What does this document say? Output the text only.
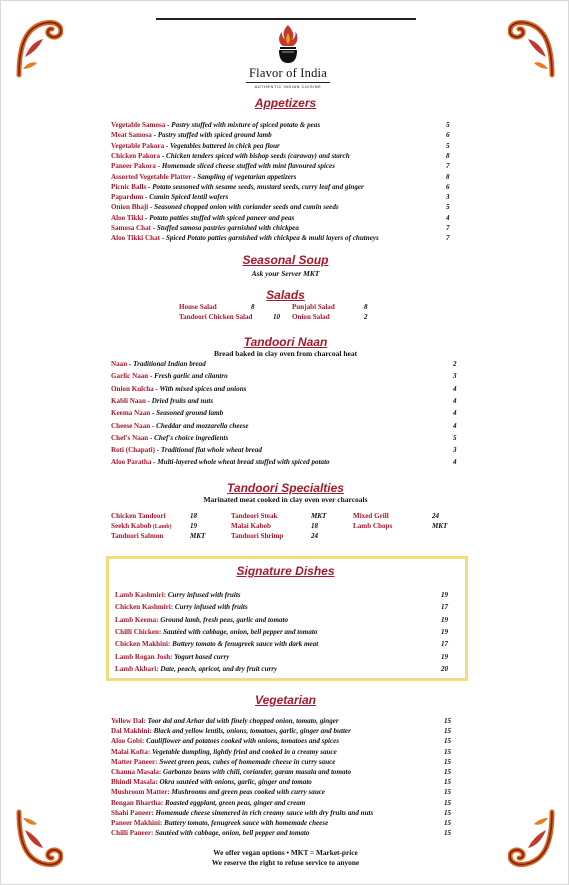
Flavor of India
AUTHENTIC INDIAN CUISINE
Appetizers
Vegetable Samosa - Pastry stuffed with mixture of spiced potato & peas	5
Meat Samosa - Pastry stuffed with spiced ground lamb	6
Vegetable Pakora - Vegetables battered in chick pea flour	5
Chicken Pakora - Chicken tenders spiced with bishop seeds (caraway) and starch	8
Paneer Pakora - Homemade sliced cheese stuffed with mint flavoured spices	7
Assorted Vegetable Platter - Sampling of vegetarian appetizers	8
Picnic Balls - Potato seasoned with sesame seeds, mustard seeds, curry leaf and ginger	6
Papardum - Cumin Spiced lentil wafers	3
Onion Bhaji - Seasoned chopped onion with coriander seeds and cumin seeds	5
Aloo Tikki - Potato patties stuffed with spiced paneer and peas	4
Samosa Chat - Stuffed samosa pastries garnished with chickpea	7
Aloo Tikki Chat - Spiced Potato patties garnished with chickpea & multi layers of chutneys	7
Seasonal Soup
Ask your Server MKT
Salads
House Salad	8	Punjabi Salad	8
Tandoori Chicken Salad	10 Onion Salad	2
Tandoori Naan
Bread baked in clay oven from charcoal heat
Naan - Traditional Indian bread	2
Garlic Naan - Fresh garlic and cilantro	3
Onion Kulcha - With mixed spices and onions	4
Kabli Naan - Dried fruits and nuts	4
Keema Naan - Seasoned ground lamb	4
Cheese Naan - Cheddar and mozzarella cheese	4
Chef's Naan - Chef's choice ingredients	5
Roti (Chapati) - Traditional flat whole wheat bread	3
Aloo Paratha - Multi-layered whole wheat bread stuffed with spiced potato	4
Tandoori Specialties
Marinated meat cooked in clay oven over charcoals
Chicken Tandoori	18	Tandoori Steak	MKT	Mixed Grill	24
Seekh Kabob (Lamb)	19	Malai Kabob	18	Lamb Chops	MKT
Tandoori Salmon	MKT	Tandoori Shrimp	24
Signature Dishes
Lamb Kashmiri: Curry infused with fruits	19
Chicken Kashmiri: Curry infused with fruits	17
Lamb Keema: Ground lamb, fresh peas, garlic and tomato	19
Chilli Chicken: Sautéed with cabbage, onion, bell pepper and tomato	19
Chicken Makhini: Buttery tomato & fenugreek sauce with dark meat	17
Lamb Rogan Josh: Yogurt based curry	19
Lamb Akbari: Date, peach, apricot, and dry fruit curry	20
Vegetarian
Yellow Dal: Toor dal and Arhar dal with finely chopped onion, tomato, ginger	15
Dal Makhini: Black and yellow lentils, onions, tomatoes, garlic, ginger and butter	15
Aloo Gobi: Cauliflower and potatoes cooked with onions, tomatoes and spices	15
Malai Kofta: Vegetable dumpling, lightly fried and cooked in a creamy sauce	15
Matter Paneer: Sweet green peas, cubes of homemade cheese in curry sauce	15
Channa Masala: Garbanzo beans with chili, coriander, garam masala and tomato	15
Bhindi Masala: Okra sautéed with onions, garlic, ginger and tomato	15
Mushroom Matter: Mushrooms and green peas cooked with curry sauce	15
Bengan Bhartha: Roasted eggplant, green peas, ginger and cream	15
Shahi Paneer: Homemade cheese simmered in rich creamy sauce with dry fruits and nuts	15
Paneer Makhini: Buttery tomato, fenugreek sauce with homemade cheese	15
Chilli Paneer: Sautéed with cabbage, onion, bell pepper and tomato	15
We offer vegan options • MKT = Market-price
We reserve the right to refuse service to anyone
